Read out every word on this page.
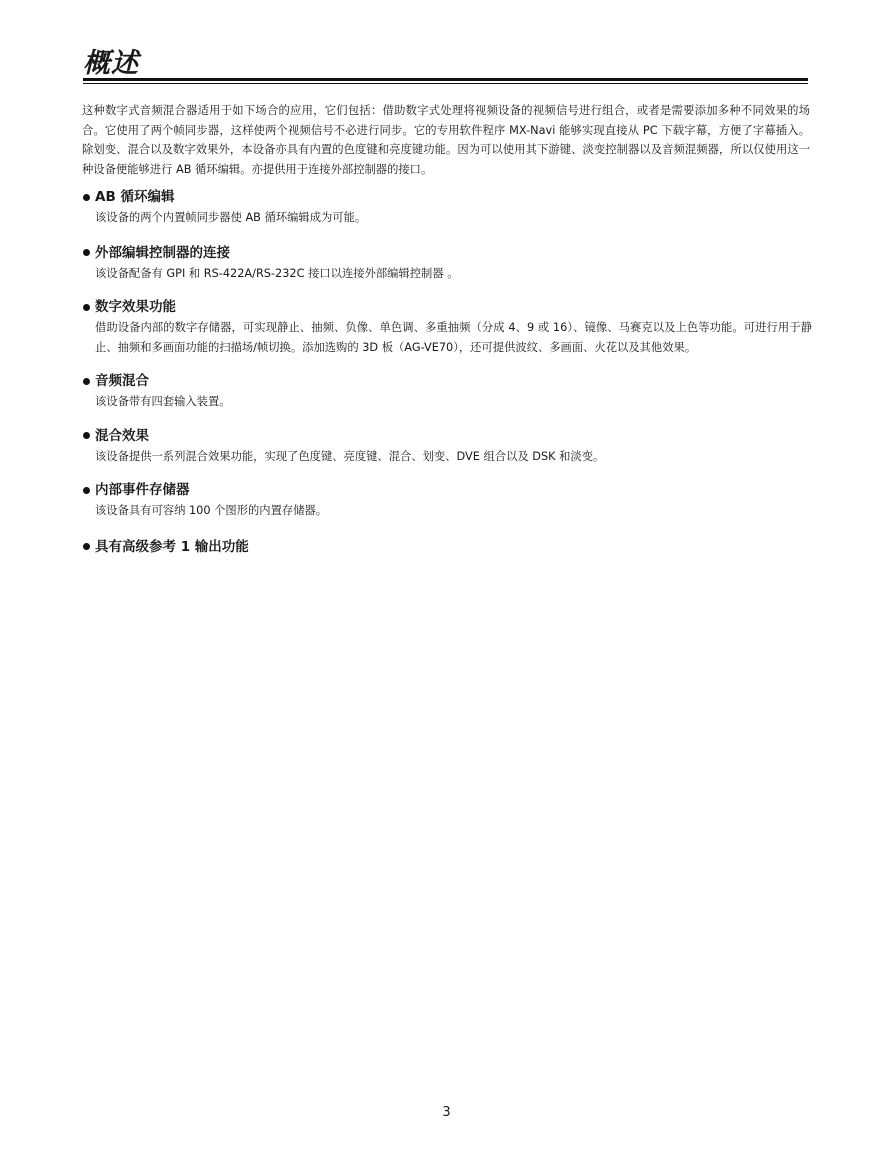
概述

这种数字式音频混合器适用于如下场合的应用，它们包括：借助数字式处理将视频设备的视频信号进行组合，或者是需要添加多种不同效果的场合。它使用了两个帧同步器，这样使两个视频信号不必进行同步。它的专用软件程序 MX-Navi 能够实现直接从 PC 下载字幕，方便了字幕插入。除划变、混合以及数字效果外，本设备亦具有内置的色度键和亮度键功能。因为可以使用其下游键、淡变控制器以及音频混频器，所以仅使用这一种设备便能够进行 AB 循环编辑。亦提供用于连接外部控制器的接口。

AB 循环编辑

该设备的两个内置帧同步器使 AB 循环编辑成为可能。

外部编辑控制器的连接

该设备配备有 GPI 和 RS-422A/RS-232C 接口以连接外部编辑控制器 。

数字效果功能

借助设备内部的数字存储器，可实现静止、抽频、负像、单色调、多重抽频（分成 4、9 或 16）、镜像、马赛克以及上色等功能。可进行用于静止、抽频和多画面功能的扫描场/帧切换。添加选购的 3D 板（AG-VE70），还可提供波纹、多画面、火花以及其他效果。

音频混合

该设备带有四套输入装置。

混合效果

该设备提供一系列混合效果功能，实现了色度键、亮度键、混合、划变、DVE 组合以及 DSK 和淡变。

内部事件存储器

该设备具有可容纳 100 个图形的内置存储器。

具有高级参考 1 输出功能
3
